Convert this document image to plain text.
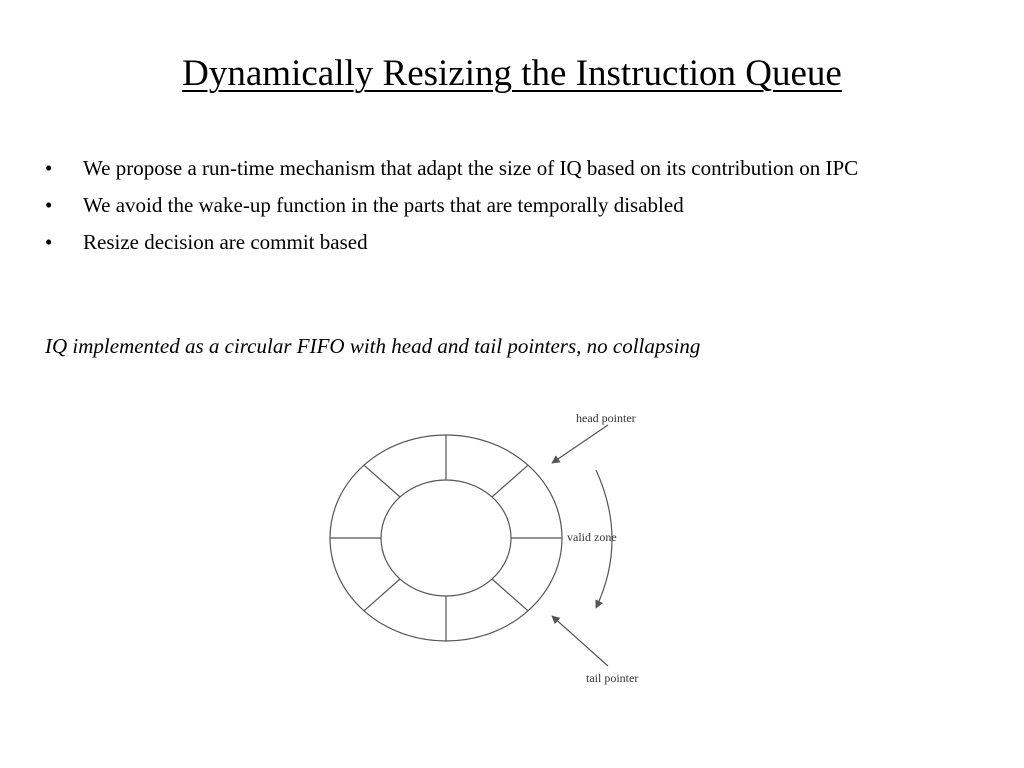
Dynamically Resizing the Instruction Queue
• We propose a run-time mechanism that adapt the size of IQ based on its contribution on IPC
• We avoid the wake-up function in the parts that are temporally disabled
• Resize decision are commit based
IQ implemented as a circular FIFO with head and tail pointers, no collapsing
head pointer
valid zone
tail pointer
